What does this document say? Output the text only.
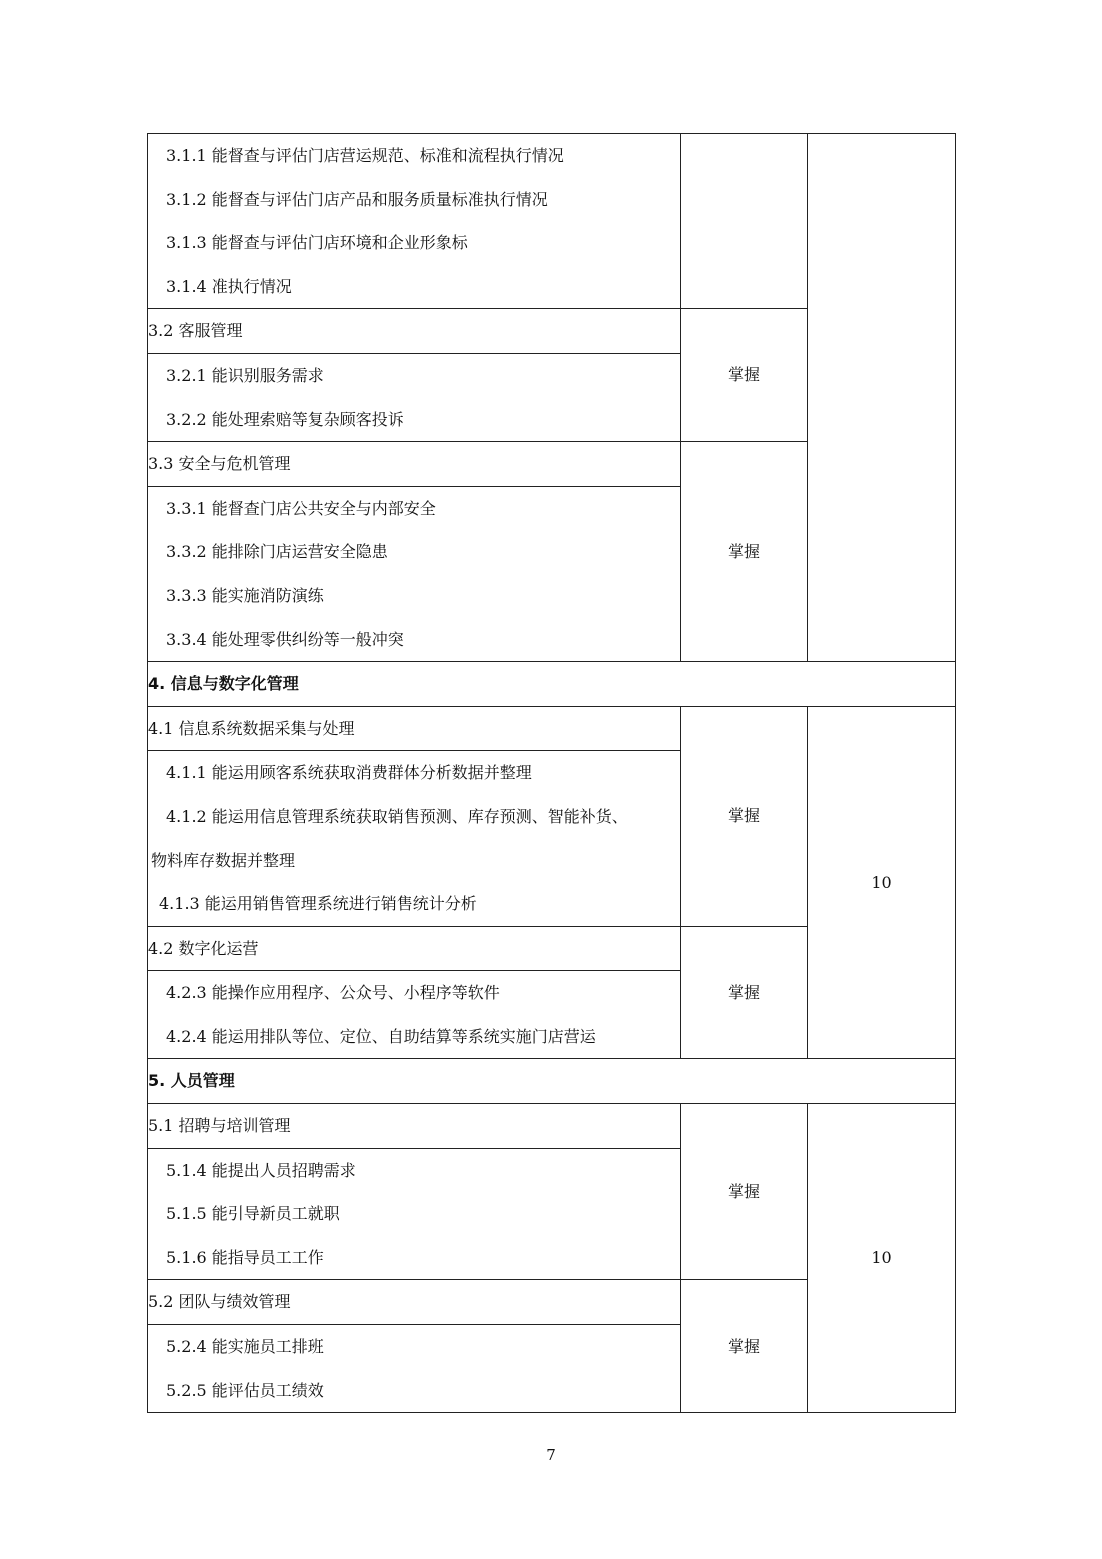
3.1.1 能督查与评估门店营运规范、标准和流程执行情况
3.1.2 能督查与评估门店产品和服务质量标准执行情况
3.1.3 能督查与评估门店环境和企业形象标
3.1.4 准执行情况		

3.2 客服管理	掌握	

3.2.1 能识别服务需求
3.2.2 能处理索赔等复杂顾客投诉		

3.3 安全与危机管理	掌握	

3.3.1 能督查门店公共安全与内部安全
3.3.2 能排除门店运营安全隐患
3.3.3 能实施消防演练
3.3.4 能处理零供纠纷等一般冲突		

4. 信息与数字化管理		
4.1 信息系统数据采集与处理	掌握	10

4.1.1 能运用顾客系统获取消费群体分析数据并整理
4.1.2 能运用信息管理系统获取销售预测、库存预测、智能补货、
物料库存数据并整理
4.1.3 能运用销售管理系统进行销售统计分析		

4.2 数字化运营	掌握	

4.2.3 能操作应用程序、公众号、小程序等软件
4.2.4 能运用排队等位、定位、自助结算等系统实施门店营运		

5. 人员管理		
5.1 招聘与培训管理	掌握	10

5.1.4 能提出人员招聘需求
5.1.5 能引导新员工就职
5.1.6 能指导员工工作		

5.2 团队与绩效管理	掌握	

5.2.4 能实施员工排班
5.2.5 能评估员工绩效		
7
